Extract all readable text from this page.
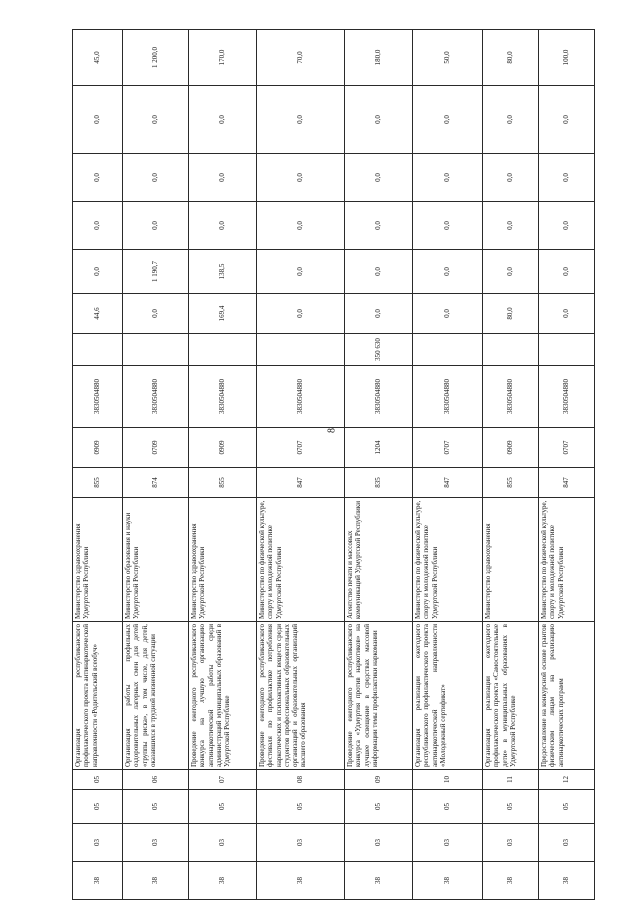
8
38	03	05	05	Организация республиканского профилактического проекта антинаркотической направленности «Родительский всеобуч»	Министерство здравоохранения Удмуртской Республики	855	0909	3830504880		44,6	0,0	0,0	0,0	0,0	45,0
38	03	05	06	Организация работы профильных оздоровительных лагерных смен для детей «группы риска», в том числе, для детей, оказавшихся в трудной жизненной ситуации	Министерство образования и науки Удмуртской Республики	874	0709	3830504880		0,0	1 190,7	0,0	0,0	0,0	1 200,0
38	03	05	07	Проведение ежегодного республиканского конкурса на лучшую организацию антинаркотической работы среди администраций муниципальных образований в Удмуртской Республике	Министерство здравоохранения Удмуртской Республики	855	0909	3830504880		169,4	138,5	0,0	0,0	0,0	170,0
38	03	05	08	Проведение ежегодного республиканского фестиваля по профилактике потребления наркотических и психоактивных веществ среди студентов профессиональных образовательных организаций и образовательных организаций высшего образования	Министерство по физической культуре, спорту и молодежной политике Удмуртской Республики	847	0707	3830504880		0,0	0,0	0,0	0,0	0,0	70,0
38	03	05	09	Проведение ежегодного республиканского конкурса «Удмуртия против наркотиков» на лучшее освещение в средствах массовой информации темы профилактики наркомании	Агентство печати и массовых коммуникаций Удмуртской Республики	835	1204	3830504880	350 630	0,0	0,0	0,0	0,0	0,0	180,0
38	03	05	10	Организация реализации ежегодного республиканского профилактического проекта антинаркотической направленности «Молодежный сертификат»	Министерство по физической культуре, спорту и молодежной политике Удмуртской Республики	847	0707	3830504880		0,0	0,0	0,0	0,0	0,0	50,0
38	03	05	11	Организация реализации ежегодного профилактического проекта «Самостоятельные дети» в муниципальных образованиях в Удмуртской Республике	Министерство здравоохранения	855	0909	3830504880		80,0	0,0	0,0	0,0	0,0	80,0
38	03	05	12	Предоставление на конкурсной основе грантов физическим лицам на реализацию антинаркотических программ	Министерство по физической культуре, спорту и молодежной политике Удмуртской Республики	847	0707	3830504880		0,0	0,0	0,0	0,0	0,0	100,0
